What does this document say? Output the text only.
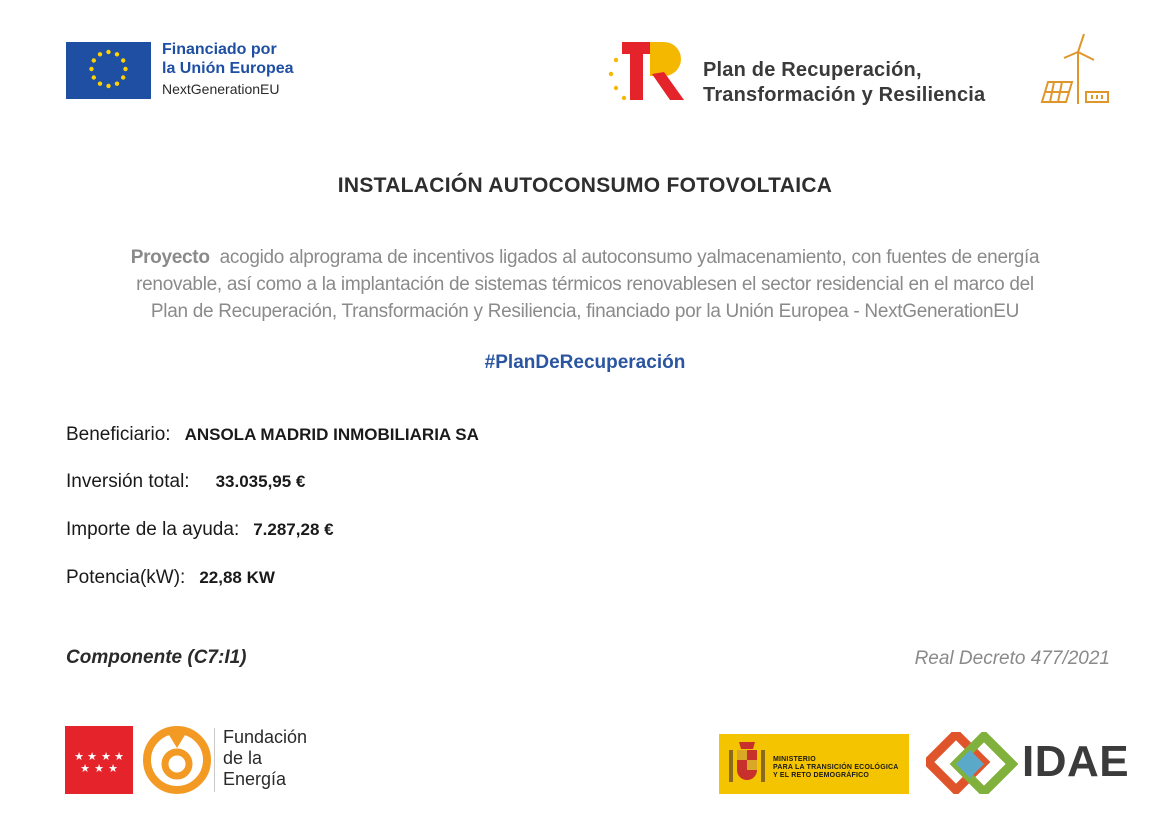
Financiado por
la Unión Europea
NextGenerationEU
Plan de Recuperación,
Transformación y Resiliencia
INSTALACIÓN AUTOCONSUMO FOTOVOLTAICA
Proyecto acogido alprograma de incentivos ligados al autoconsumo yalmacenamiento, con fuentes de energía
renovable, así como a la implantación de sistemas térmicos renovablesen el sector residencial en el marco del
Plan de Recuperación, Transformación y Resiliencia, financiado por la Unión Europea - NextGenerationEU
#PlanDeRecuperación
Beneficiario: ANSOLA MADRID INMOBILIARIA SA
Inversión total: 33.035,95 €
Importe de la ayuda: 7.287,28 €
Potencia(kW): 22,88 KW
Componente (C7:I1)	Real Decreto 477/2021
★ ★ ★ ★
★ ★ ★
Fundación
de la
Energía
MINISTERIO
PARA LA TRANSICIÓN ECOLÓGICA
Y EL RETO DEMOGRÁFICO	IDAE
